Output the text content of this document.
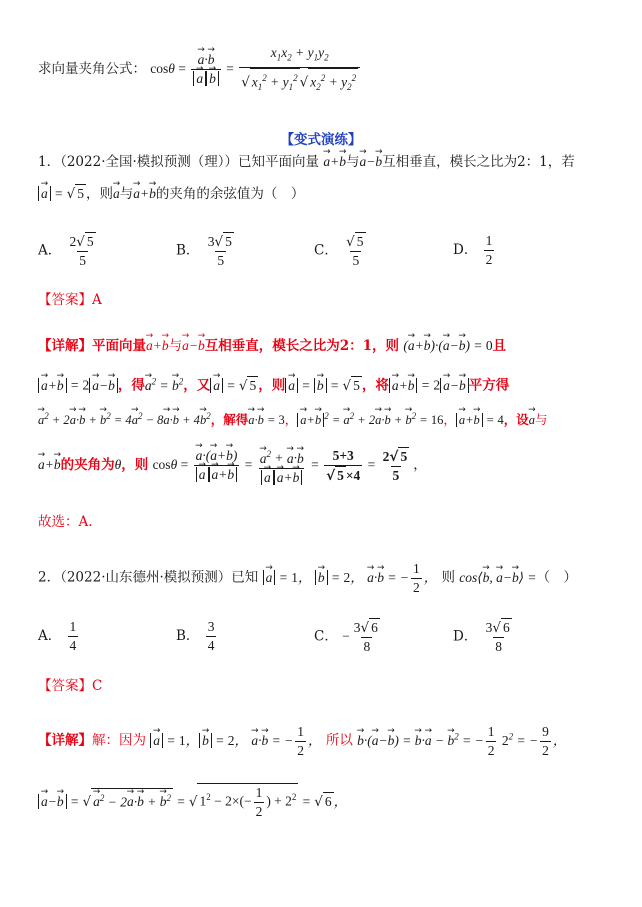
求向量夹角公式： cosθ = → a·→ b
→ $a \to b = \frac{x_1x_2 + y_1y_2}{√ x_1^2 + y_1^2 √ x_2^2 + y_2^2}$
【变式演练】
1．（2022·全国·模拟预测（理））已知平面向量 → a+→ b与→ a−→ b互相垂直，模长之比为2：1，若
→ a = √ 5 ，则→ a与→ a+→ b的夹角的余弦值为（　）
A． $\frac{2√ 5}{5}$	B． $\frac{3√ 5}{5}$	C． $\frac{√ 5}{5}$	D． $\frac{1}{2}$
【答案】A
【详解】平面向量→ a+→ b与→ a−→ b互相垂直，模长之比为2：1，则 (→ a+→ b)·(→ a−→ b) = 0且
→ a+→ b = 2 → a−→ b ，得→ $a^2$ = → $b^2$，又 → a = √ 5 ，则 → a = → b = √ 5 ，将 → a+→ b = 2 → a−→ b 平方得
→ $a^2 + 2\to a\cdot\to b$ + → $b^2 = 4\to a^2 - 8\to a\cdot\to b + 4\to b^2$，解得→ a·→ b = 3， → a+→ b $^2$ = → $a^2 + 2\to a\cdot\to b$ + → $b^2 = 16$， → a+→ b = 4，设→ a与
→ a+→ b的夹角为θ，则 cosθ = → a·(→ a+→ b)
→ a → a+→ b = → $a^2$ + → a·→ b
→ $a \to a+\to b = \frac{5+3}{√ 5 \times 4} = \frac{2√ 5}{5}$ ，
故选：A.
2．（2022·山东德州·模拟预测）已知 → a = 1， → b = 2， → a·→ b = − $\frac{1}{2}$ ， 则 cos⟨→ b, → a−→ b⟩ =（　）
A． $\frac{1}{4}$	B． $\frac{3}{4}$	C． − $\frac{3√ 6}{8}$	D． $\frac{3√ 6}{8}$
【答案】C
【详解】解：因为 → a = 1， → b = 2， → a·→ b = − $\frac{1}{2}$ ， 所以 → b·(→ a−→ b) = → b·→ a − → $b^2$ = − $\frac{1}{2} 2^2$ = − $\frac{9}{2}$ ，
→ a−→ b = √ → $a^2 - 2\to a\cdot\to b$ + → $b^2$ = √ $1^2 - 2\times(- \frac{1}{2}$ ) + $2^2$ = √ 6 ，
